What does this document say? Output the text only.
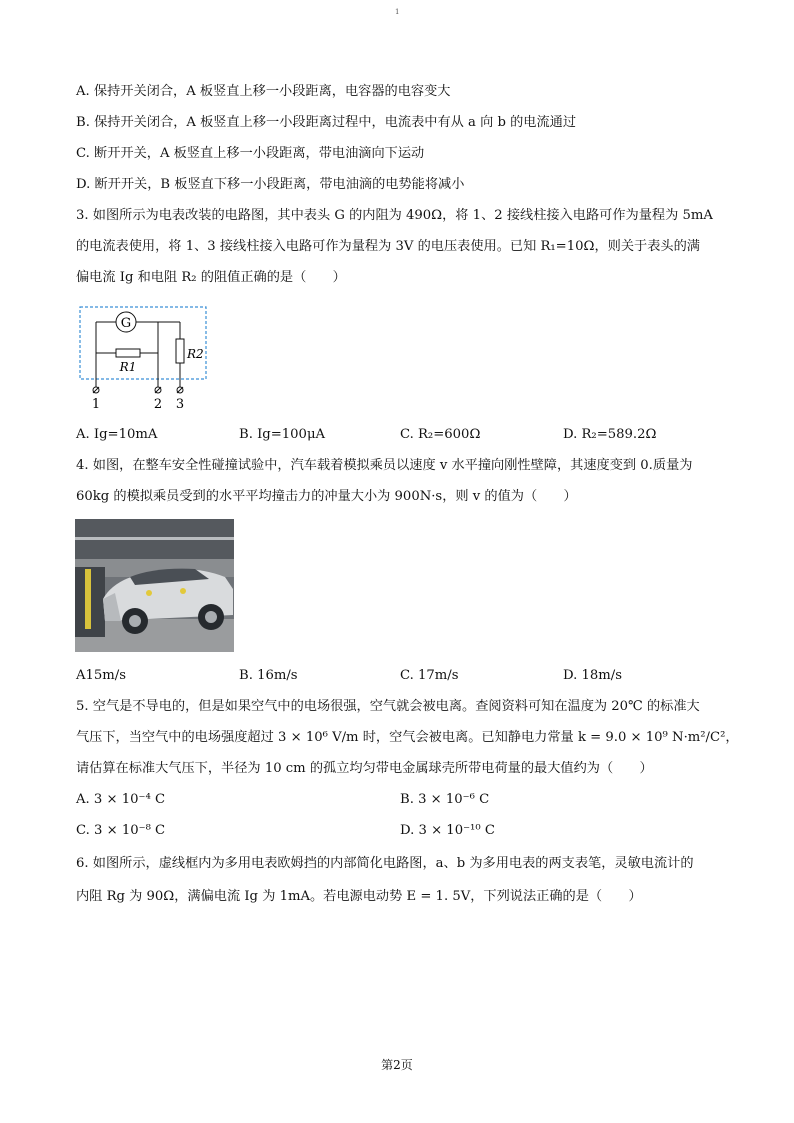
1
A. 保持开关闭合，A 板竖直上移一小段距离，电容器的电容变大
B. 保持开关闭合，A 板竖直上移一小段距离过程中，电流表中有从 a 向 b 的电流通过
C. 断开开关，A 板竖直上移一小段距离，带电油滴向下运动
D. 断开开关，B 板竖直下移一小段距离，带电油滴的电势能将减小
3. 如图所示为电表改装的电路图，其中表头 G 的内阻为 490Ω，将 1、2 接线柱接入电路可作为量程为 5mA
的电流表使用，将 1、3 接线柱接入电路可作为量程为 3V 的电压表使用。已知 R₁=10Ω，则关于表头的满
偏电流 Ig 和电阻 R₂ 的阻值正确的是（　　）
G
R1
R2
1	2 3
A. Ig=10mA	B. Ig=100μA	C. R₂=600Ω	D. R₂=589.2Ω
4. 如图，在整车安全性碰撞试验中，汽车载着模拟乘员以速度 v 水平撞向刚性壁障，其速度变到 0.质量为
60kg 的模拟乘员受到的水平平均撞击力的冲量大小为 900N·s，则 v 的值为（　　）
A15m/s	B. 16m/s	C. 17m/s	D. 18m/s
5. 空气是不导电的，但是如果空气中的电场很强，空气就会被电离。查阅资料可知在温度为 20℃ 的标准大
气压下，当空气中的电场强度超过 3 × 10⁶ V/m 时，空气会被电离。已知静电力常量 k = 9.0 × 10⁹ N·m²/C²，
请估算在标准大气压下，半径为 10 cm 的孤立均匀带电金属球壳所带电荷量的最大值约为（　　）
A. 3 × 10⁻⁴ C	B. 3 × 10⁻⁶ C
C. 3 × 10⁻⁸ C	D. 3 × 10⁻¹⁰ C
6. 如图所示，虚线框内为多用电表欧姆挡的内部简化电路图，a、b 为多用电表的两支表笔，灵敏电流计的
内阻 Rg 为 90Ω，满偏电流 Ig 为 1mA。若电源电动势 E = 1. 5V，下列说法正确的是（　　）
第2页
